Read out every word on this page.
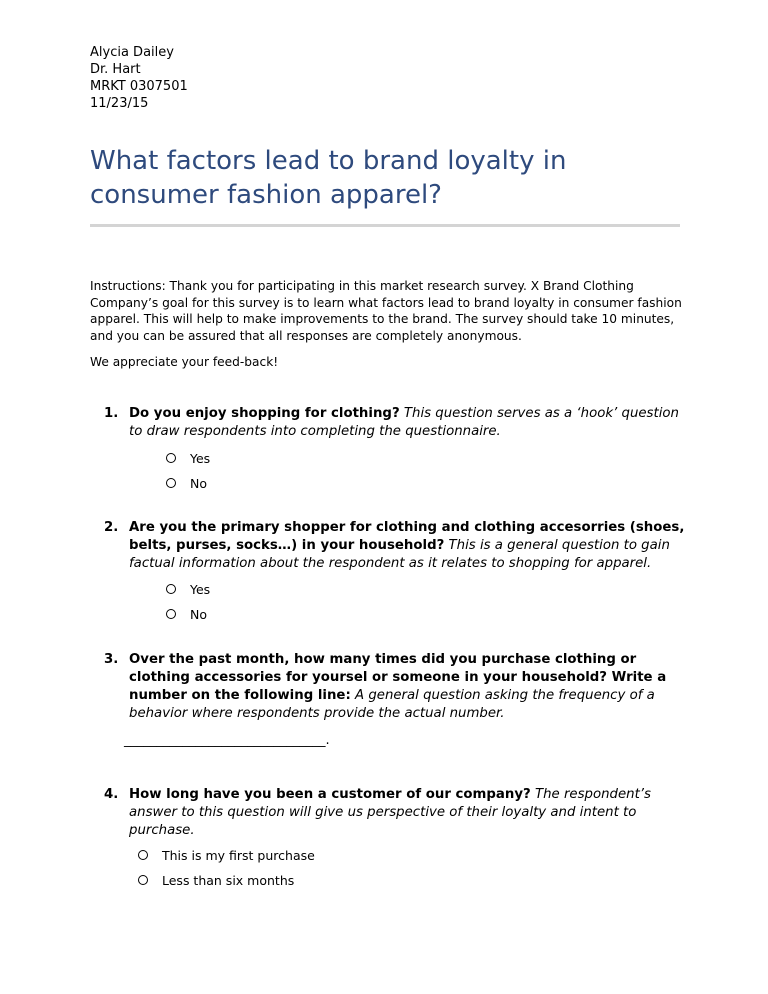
Alycia Dailey
Dr. Hart
MRKT 0307501
11/23/15
What factors lead to brand loyalty in consumer fashion apparel?

Instructions: Thank you for participating in this market research survey. X Brand Clothing Company’s goal for this survey is to learn what factors lead to brand loyalty in consumer fashion apparel. This will help to make improvements to the brand. The survey should take 10 minutes, and you can be assured that all responses are completely anonymous.

We appreciate your feed-back!

1. Do you enjoy shopping for clothing? This question serves as a ‘hook’ question to draw respondents into completing the questionnaire.
Yes
No
2. Are you the primary shopper for clothing and clothing accesorries (shoes, belts, purses, socks…) in your household? This is a general question to gain factual information about the respondent as it relates to shopping for apparel.
Yes
No
3. Over the past month, how many times did you purchase clothing or clothing accessories for yoursel or someone in your household? Write a number on the following line: A general question asking the frequency of a behavior where respondents provide the actual number.
_______________________________.
4. How long have you been a customer of our company? The respondent’s answer to this question will give us perspective of their loyalty and intent to purchase.
This is my first purchase
Less than six months
